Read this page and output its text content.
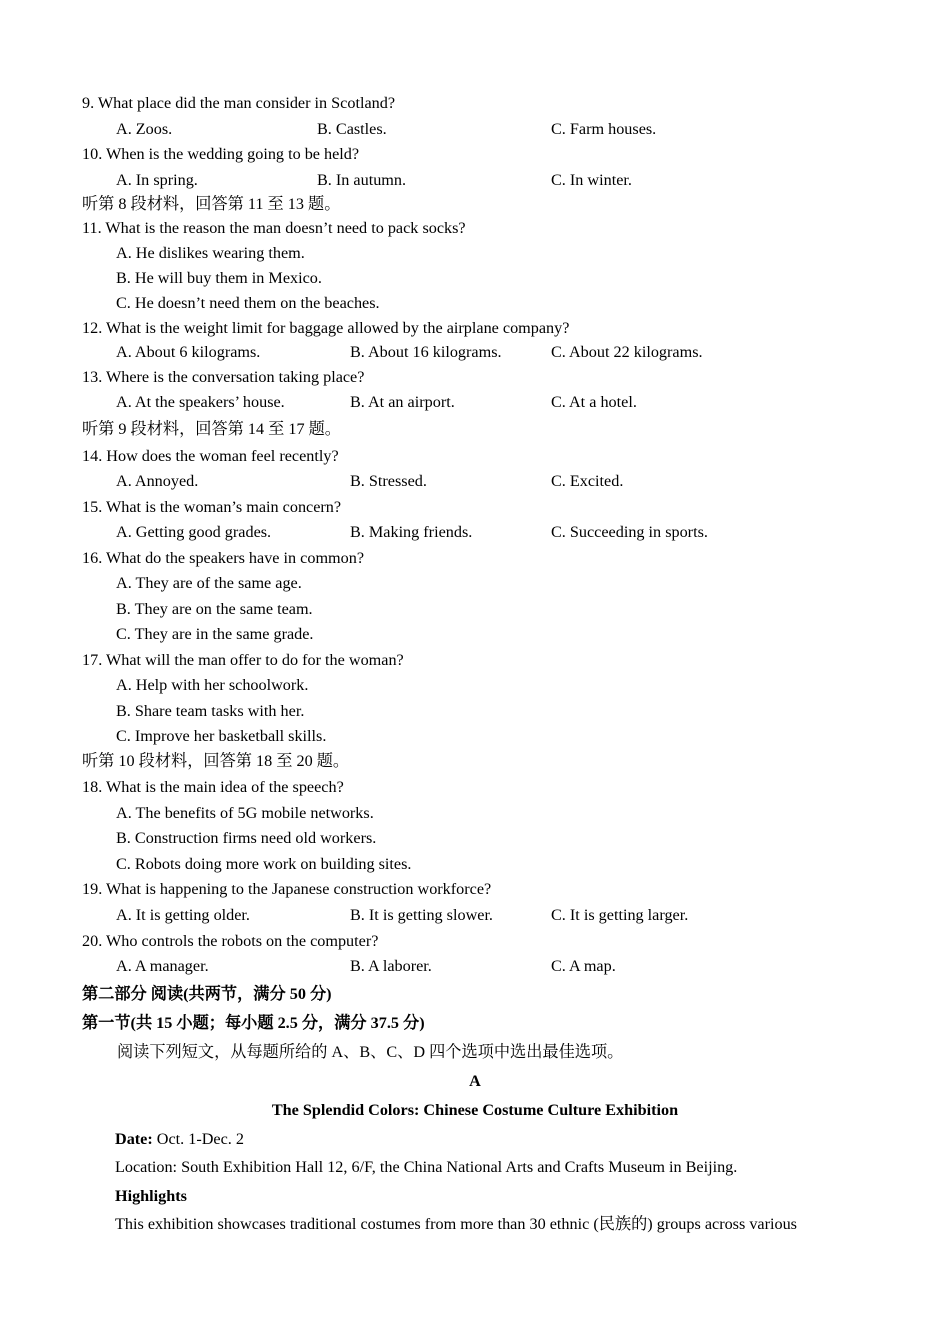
9. What place did the man consider in Scotland?
A. Zoos.	B. Castles.	C. Farm houses.
10. When is the wedding going to be held?
A. In spring.	B. In autumn.	C. In winter.
听第 8 段材料，回答第 11 至 13 题。
11. What is the reason the man doesn’t need to pack socks?
A. He dislikes wearing them.
B. He will buy them in Mexico.
C. He doesn’t need them on the beaches.
12. What is the weight limit for baggage allowed by the airplane company?
A. About 6 kilograms.	B. About 16 kilograms.	C. About 22 kilograms.
13. Where is the conversation taking place?
A. At the speakers’ house.	B. At an airport.	C. At a hotel.
听第 9 段材料，回答第 14 至 17 题。
14. How does the woman feel recently?
A. Annoyed.	B. Stressed.	C. Excited.
15. What is the woman’s main concern?
A. Getting good grades.	B. Making friends.	C. Succeeding in sports.
16. What do the speakers have in common?
A. They are of the same age.
B. They are on the same team.
C. They are in the same grade.
17. What will the man offer to do for the woman?
A. Help with her schoolwork.
B. Share team tasks with her.
C. Improve her basketball skills.
听第 10 段材料，回答第 18 至 20 题。
18. What is the main idea of the speech?
A. The benefits of 5G mobile networks.
B. Construction firms need old workers.
C. Robots doing more work on building sites.
19. What is happening to the Japanese construction workforce?
A. It is getting older.	B. It is getting slower.	C. It is getting larger.
20. Who controls the robots on the computer?
A. A manager.	B. A laborer.	C. A map.
第二部分 阅读(共两节，满分 50 分)
第一节(共 15 小题；每小题 2.5 分，满分 37.5 分)
阅读下列短文，从每题所给的 A、B、C、D 四个选项中选出最佳选项。
A
The Splendid Colors: Chinese Costume Culture Exhibition
Date: Oct. 1-Dec. 2
Location: South Exhibition Hall 12, 6/F, the China National Arts and Crafts Museum in Beijing.
Highlights
This exhibition showcases traditional costumes from more than 30 ethnic (民族的) groups across various
